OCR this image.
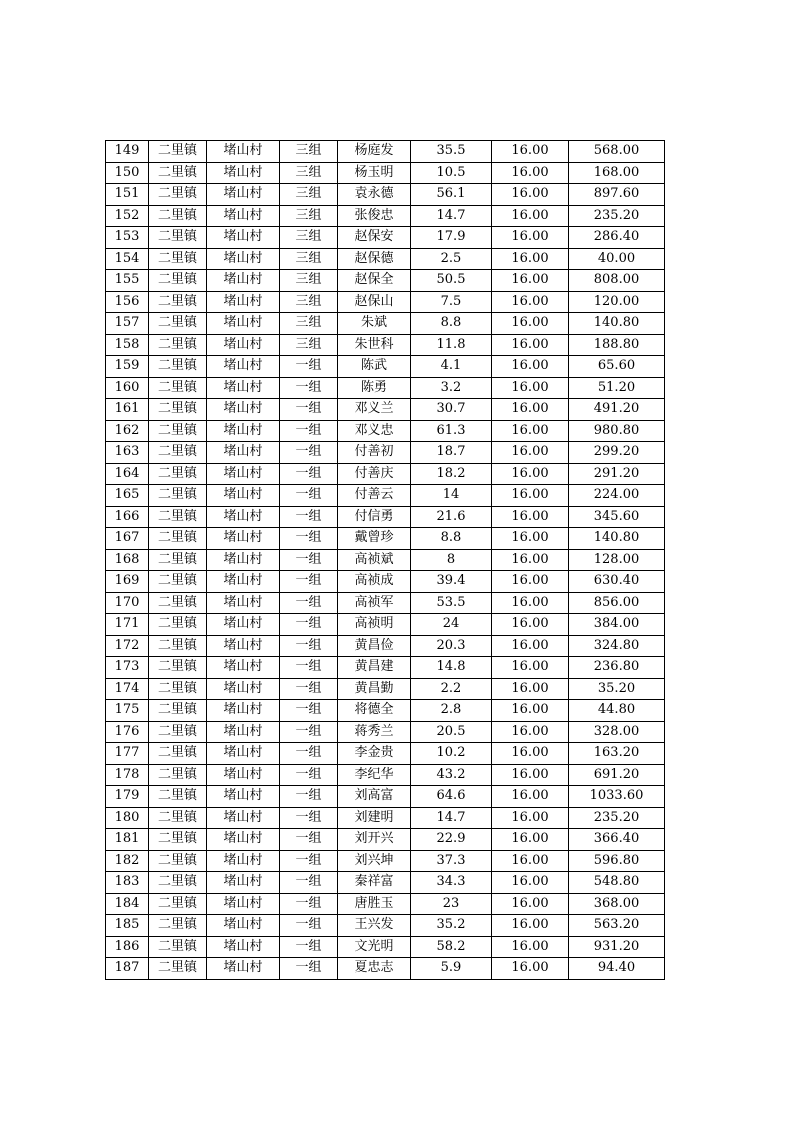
149	二里镇	堵山村	三组	杨庭发	35.5	16.00	568.00
150	二里镇	堵山村	三组	杨玉明	10.5	16.00	168.00
151	二里镇	堵山村	三组	袁永德	56.1	16.00	897.60
152	二里镇	堵山村	三组	张俊忠	14.7	16.00	235.20
153	二里镇	堵山村	三组	赵保安	17.9	16.00	286.40
154	二里镇	堵山村	三组	赵保德	2.5	16.00	40.00
155	二里镇	堵山村	三组	赵保全	50.5	16.00	808.00
156	二里镇	堵山村	三组	赵保山	7.5	16.00	120.00
157	二里镇	堵山村	三组	朱斌	8.8	16.00	140.80
158	二里镇	堵山村	三组	朱世科	11.8	16.00	188.80
159	二里镇	堵山村	一组	陈武	4.1	16.00	65.60
160	二里镇	堵山村	一组	陈勇	3.2	16.00	51.20
161	二里镇	堵山村	一组	邓义兰	30.7	16.00	491.20
162	二里镇	堵山村	一组	邓义忠	61.3	16.00	980.80
163	二里镇	堵山村	一组	付善初	18.7	16.00	299.20
164	二里镇	堵山村	一组	付善庆	18.2	16.00	291.20
165	二里镇	堵山村	一组	付善云	14	16.00	224.00
166	二里镇	堵山村	一组	付信勇	21.6	16.00	345.60
167	二里镇	堵山村	一组	戴曾珍	8.8	16.00	140.80
168	二里镇	堵山村	一组	高祯斌	8	16.00	128.00
169	二里镇	堵山村	一组	高祯成	39.4	16.00	630.40
170	二里镇	堵山村	一组	高祯军	53.5	16.00	856.00
171	二里镇	堵山村	一组	高祯明	24	16.00	384.00
172	二里镇	堵山村	一组	黄昌俭	20.3	16.00	324.80
173	二里镇	堵山村	一组	黄昌建	14.8	16.00	236.80
174	二里镇	堵山村	一组	黄昌勤	2.2	16.00	35.20
175	二里镇	堵山村	一组	将德全	2.8	16.00	44.80
176	二里镇	堵山村	一组	蒋秀兰	20.5	16.00	328.00
177	二里镇	堵山村	一组	李金贵	10.2	16.00	163.20
178	二里镇	堵山村	一组	李纪华	43.2	16.00	691.20
179	二里镇	堵山村	一组	刘高富	64.6	16.00	1033.60
180	二里镇	堵山村	一组	刘建明	14.7	16.00	235.20
181	二里镇	堵山村	一组	刘开兴	22.9	16.00	366.40
182	二里镇	堵山村	一组	刘兴坤	37.3	16.00	596.80
183	二里镇	堵山村	一组	秦祥富	34.3	16.00	548.80
184	二里镇	堵山村	一组	唐胜玉	23	16.00	368.00
185	二里镇	堵山村	一组	王兴发	35.2	16.00	563.20
186	二里镇	堵山村	一组	文光明	58.2	16.00	931.20
187	二里镇	堵山村	一组	夏忠志	5.9	16.00	94.40
